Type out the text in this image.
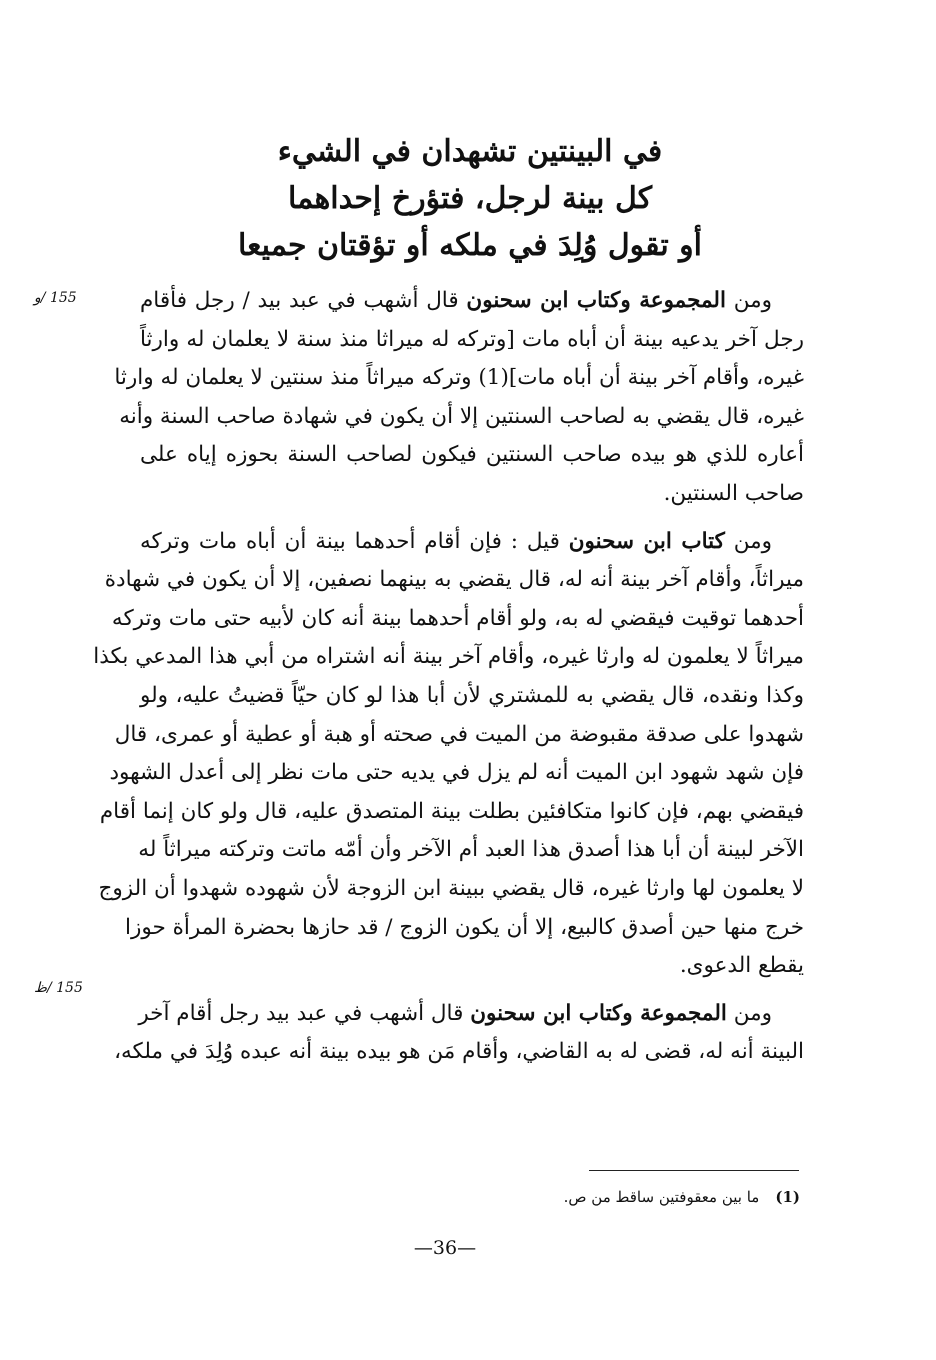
في البينتين تشهدان في الشيء
كل بينة لرجل، فتؤرخ إحداهما
أو تقول وُلِدَ في ملكه أو تؤقتان جميعا
155 /و
155 /ظ

ومن المجموعة وكتاب ابن سحنون قال أشهب في عبد بيد / رجل فأقام
رجل آخر يدعيه بينة أن أباه مات [وتركه له ميراثا منذ سنة لا يعلمان له وارثاً
غيره، وأقام آخر بينة أن أباه مات](1) وتركه ميراثاً منذ سنتين لا يعلمان له وارثا
غيره، قال يقضي به لصاحب السنتين إلا أن يكون في شهادة صاحب السنة وأنه
أعاره للذي هو بيده صاحب السنتين فيكون لصاحب السنة بحوزه إياه على
صاحب السنتين.

ومن كتاب ابن سحنون قيل : فإن أقام أحدهما بينة أن أباه مات وتركه
ميراثاً، وأقام آخر بينة أنه له، قال يقضي به بينهما نصفين، إلا أن يكون في شهادة
أحدهما توقيت فيقضي له به، ولو أقام أحدهما بينة أنه كان لأبيه حتى مات وتركه
ميراثاً لا يعلمون له وارثا غيره، وأقام آخر بينة أنه اشتراه من أبي هذا المدعي بكذا
وكذا ونقده، قال يقضي به للمشتري لأن أبا هذا لو كان حيّاً قضيتُ عليه، ولو
شهدوا على صدقة مقبوضة من الميت في صحته أو هبة أو عطية أو عمرى، قال
فإن شهد شهود ابن الميت أنه لم يزل في يديه حتى مات نظر إلى أعدل الشهود
فيقضي بهم، فإن كانوا متكافئين بطلت بينة المتصدق عليه، قال ولو كان إنما أقام
الآخر لبينة أن أبا هذا أصدق هذا العبد أم الآخر وأن أمّه ماتت وتركته ميراثاً له
لا يعلمون لها وارثا غيره، قال يقضي ببينة ابن الزوجة لأن شهوده شهدوا أن الزوج
خرج منها حين أصدق كالبيع، إلا أن يكون الزوج / قد حازها بحضرة المرأة حوزا
يقطع الدعوى.

ومن المجموعة وكتاب ابن سحنون قال أشهب في عبد بيد رجل أقام آخر
البينة أنه له، قضى له به القاضي، وأقام مَن هو بيده بينة أنه عبده وُلِدَ في ملكه،

(1)ما بين معقوفتين ساقط من ص.
—36—
